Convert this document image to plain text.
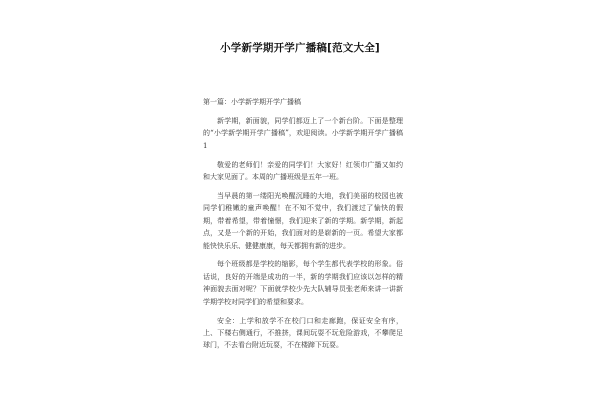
小学新学期开学广播稿[范文大全]

第一篇：小学新学期开学广播稿

新学期，新面貌，同学们都迈上了一个新台阶。下面是整理的“小学新学期开学广播稿”，欢迎阅读。小学新学期开学广播稿1

敬爱的老师们！亲爱的同学们！大家好！红领巾广播又如约和大家见面了。本周的广播班级是五年一班。

当早晨的第一缕阳光唤醒沉睡的大地，我们美丽的校园也被同学们稚嫩的童声唤醒！在不知不觉中，我们渡过了愉快的假期，带着希望，带着憧憬，我们迎来了新的学期。新学期，新起点，又是一个新的开始，我们面对的是崭新的一页。希望大家都能快快乐乐、健健康康，每天都拥有新的进步。

每个班级都是学校的缩影，每个学生都代表学校的形象。俗话说，良好的开端是成功的一半，新的学期我们应该以怎样的精神面貌去面对呢？下面就学校少先大队辅导员张老师来讲一讲新学期学校对同学们的希望和要求。

安全：上学和放学不在校门口和走廊跑，保证安全有序，上、下楼右侧通行，不推挤，课间玩耍不玩危险游戏，不攀爬足球门，不去看台附近玩耍，不在楼蹄下玩耍。
